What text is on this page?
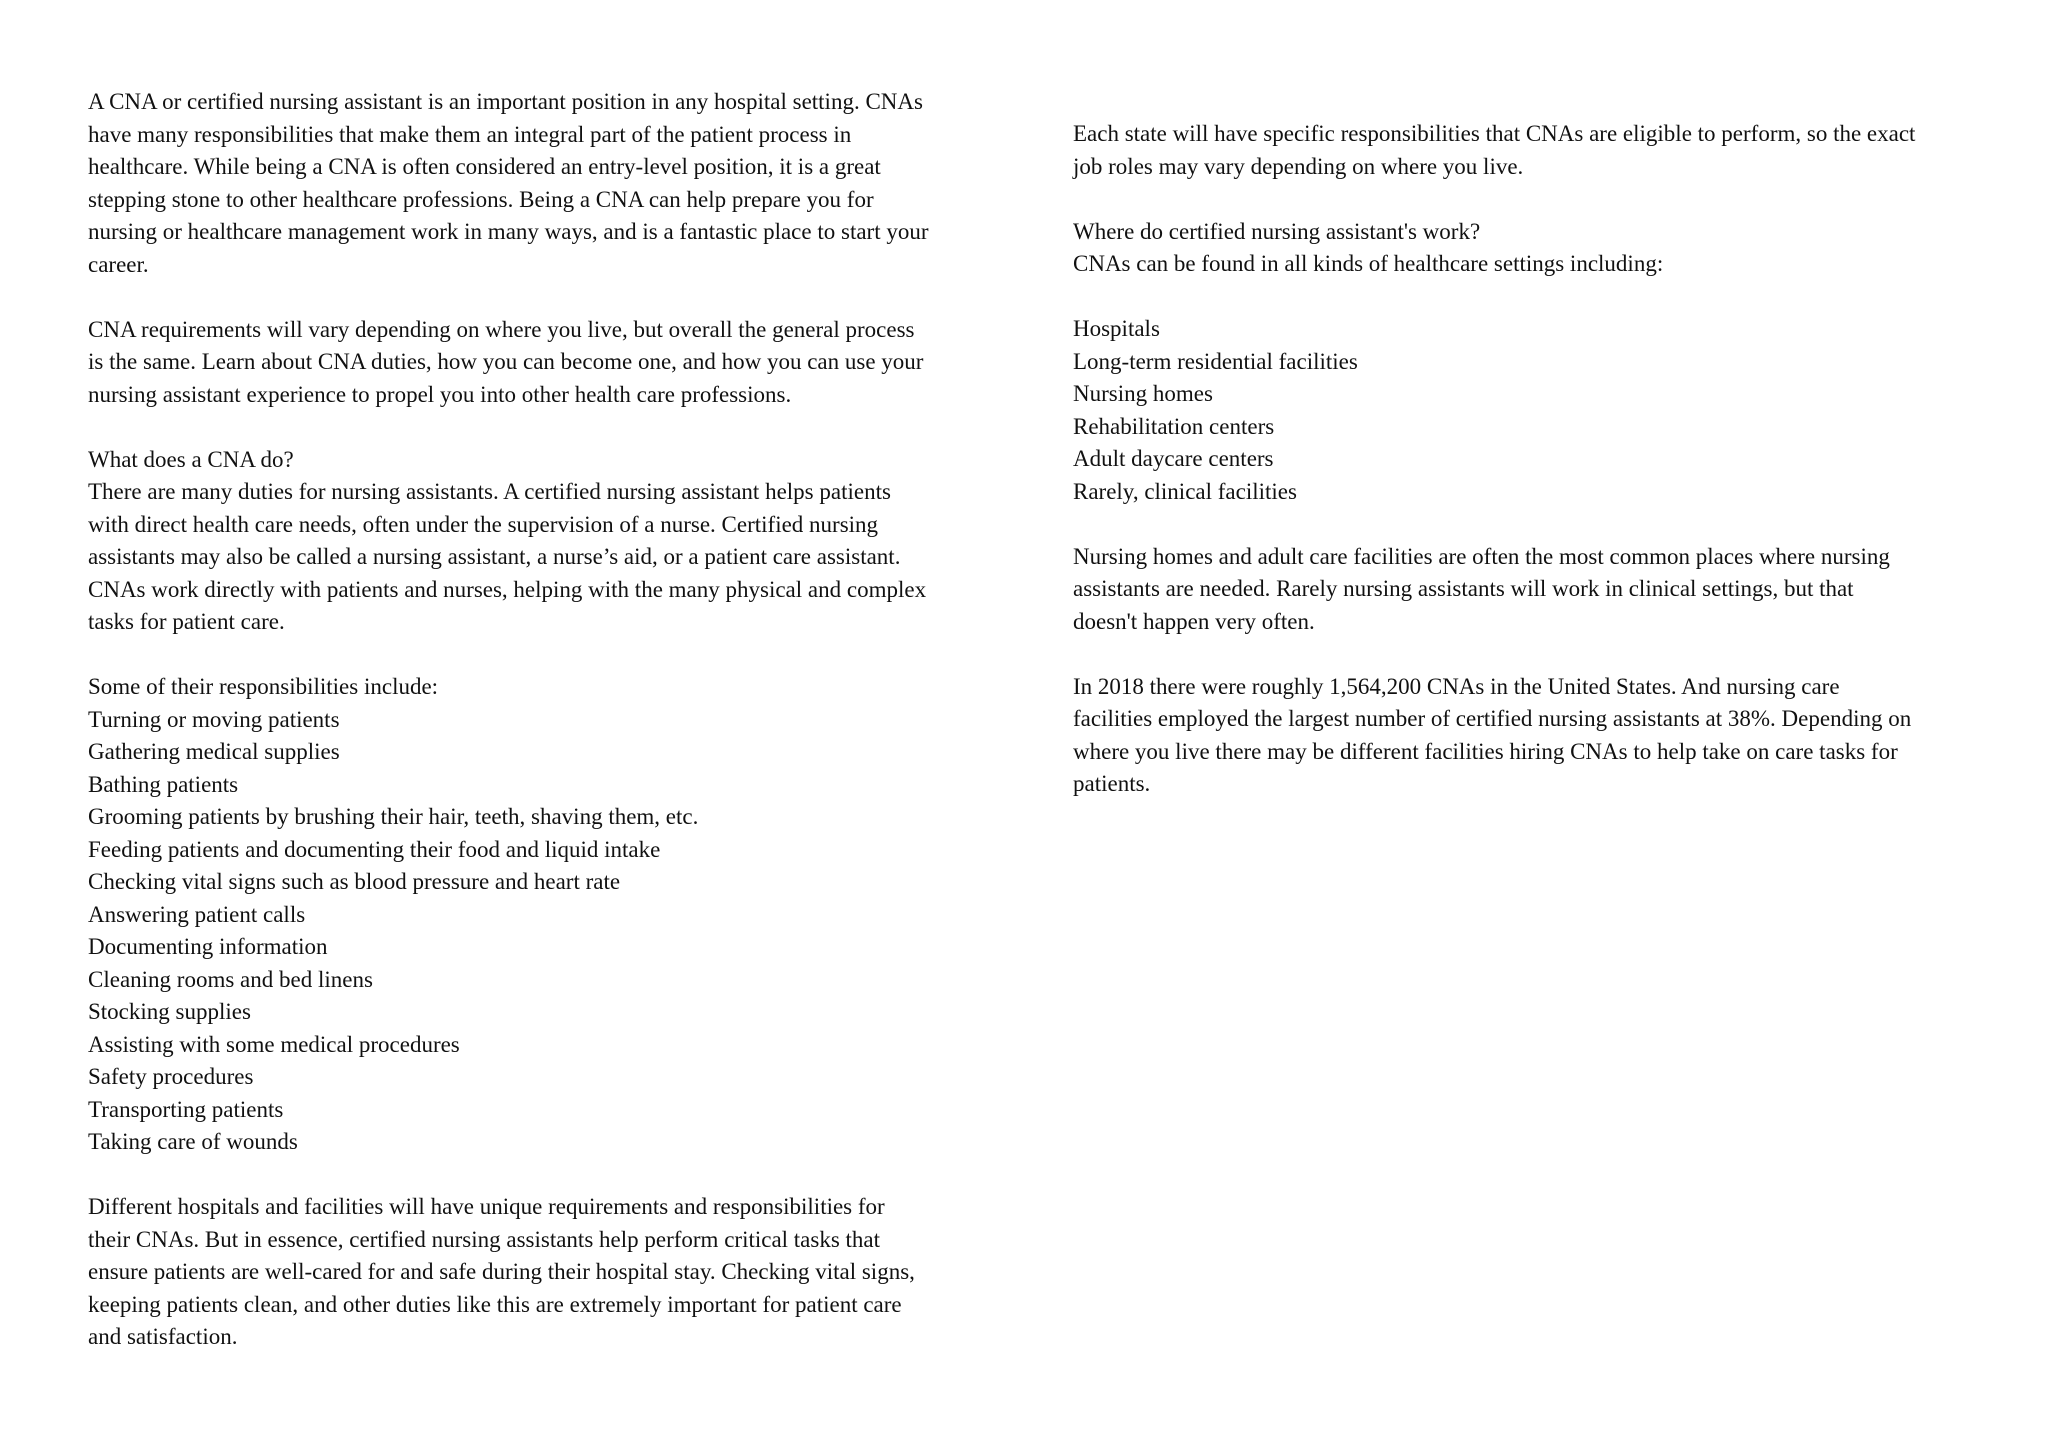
A CNA or certified nursing assistant is an important position in any hospital setting. CNAs
have many responsibilities that make them an integral part of the patient process in
healthcare. While being a CNA is often considered an entry-level position, it is a great
stepping stone to other healthcare professions. Being a CNA can help prepare you for
nursing or healthcare management work in many ways, and is a fantastic place to start your
career.
CNA requirements will vary depending on where you live, but overall the general process
is the same. Learn about CNA duties, how you can become one, and how you can use your
nursing assistant experience to propel you into other health care professions.
What does a CNA do?
There are many duties for nursing assistants. A certified nursing assistant helps patients
with direct health care needs, often under the supervision of a nurse. Certified nursing
assistants may also be called a nursing assistant, a nurse’s aid, or a patient care assistant.
CNAs work directly with patients and nurses, helping with the many physical and complex
tasks for patient care.
Some of their responsibilities include:
Turning or moving patients
Gathering medical supplies
Bathing patients
Grooming patients by brushing their hair, teeth, shaving them, etc.
Feeding patients and documenting their food and liquid intake
Checking vital signs such as blood pressure and heart rate
Answering patient calls
Documenting information
Cleaning rooms and bed linens
Stocking supplies
Assisting with some medical procedures
Safety procedures
Transporting patients
Taking care of wounds
Different hospitals and facilities will have unique requirements and responsibilities for
their CNAs. But in essence, certified nursing assistants help perform critical tasks that
ensure patients are well-cared for and safe during their hospital stay. Checking vital signs,
keeping patients clean, and other duties like this are extremely important for patient care
and satisfaction.
Each state will have specific responsibilities that CNAs are eligible to perform, so the exact
job roles may vary depending on where you live.
Where do certified nursing assistant's work?
CNAs can be found in all kinds of healthcare settings including:
Hospitals
Long-term residential facilities
Nursing homes
Rehabilitation centers
Adult daycare centers
Rarely, clinical facilities
Nursing homes and adult care facilities are often the most common places where nursing
assistants are needed. Rarely nursing assistants will work in clinical settings, but that
doesn't happen very often.
In 2018 there were roughly 1,564,200 CNAs in the United States. And nursing care
facilities employed the largest number of certified nursing assistants at 38%. Depending on
where you live there may be different facilities hiring CNAs to help take on care tasks for
patients.
